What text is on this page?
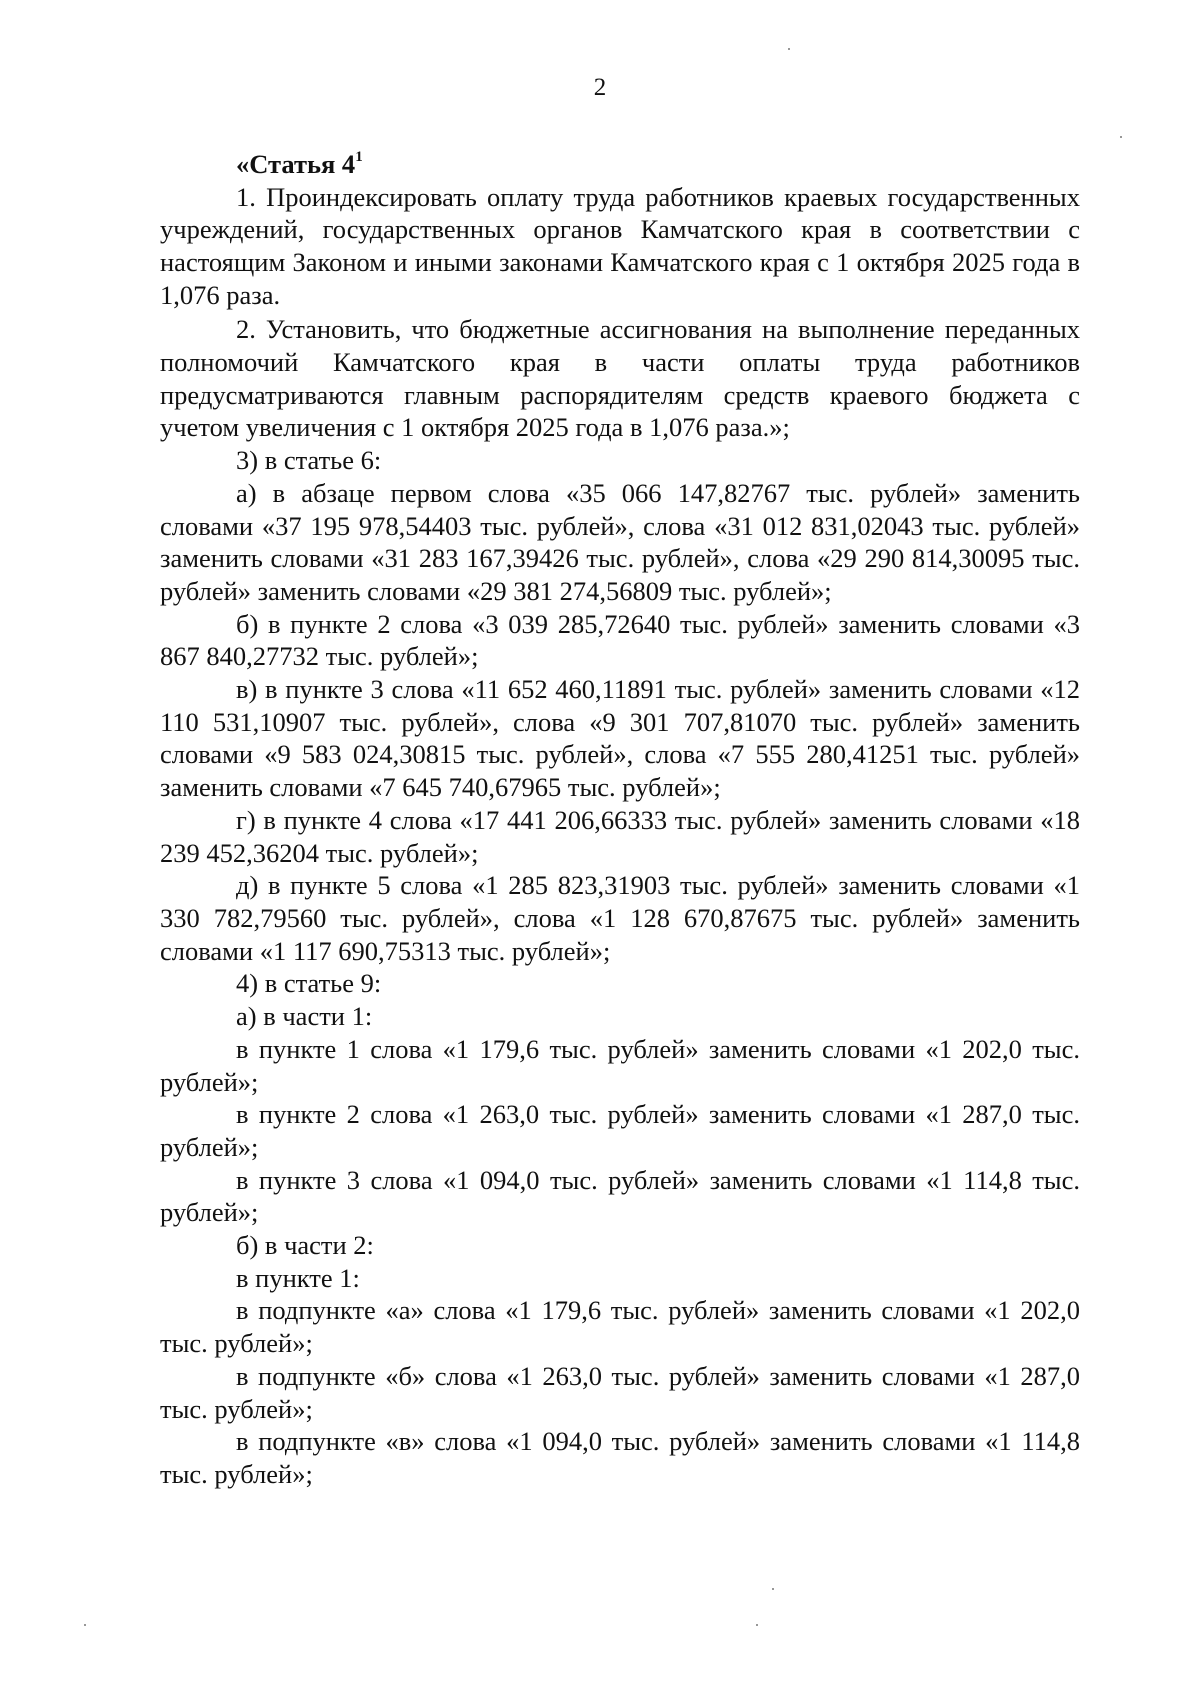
2

«Статья $4^1$

1. Проиндексировать оплату труда работников краевых государственных учреждений, государственных органов Камчатского края в соответствии с настоящим Законом и иными законами Камчатского края с 1 октября 2025 года в 1,076 раза.

2. Установить, что бюджетные ассигнования на выполнение переданных полномочий Камчатского края в части оплаты труда работников предусматриваются главным распорядителям средств краевого бюджета с учетом увеличения с 1 октября 2025 года в 1,076 раза.»;

3) в статье 6:

а) в абзаце первом слова «35 066 147,82767 тыс. рублей» заменить словами «37 195 978,54403 тыс. рублей», слова «31 012 831,02043 тыс. рублей» заменить словами «31 283 167,39426 тыс. рублей», слова «29 290 814,30095 тыс. рублей» заменить словами «29 381 274,56809 тыс. рублей»;

б) в пункте 2 слова «3 039 285,72640 тыс. рублей» заменить словами «3 867 840,27732 тыс. рублей»;

в) в пункте 3 слова «11 652 460,11891 тыс. рублей» заменить словами «12 110 531,10907 тыс. рублей», слова «9 301 707,81070 тыс. рублей» заменить словами «9 583 024,30815 тыс. рублей», слова «7 555 280,41251 тыс. рублей» заменить словами «7 645 740,67965 тыс. рублей»;

г) в пункте 4 слова «17 441 206,66333 тыс. рублей» заменить словами «18 239 452,36204 тыс. рублей»;

д) в пункте 5 слова «1 285 823,31903 тыс. рублей» заменить словами «1 330 782,79560 тыс. рублей», слова «1 128 670,87675 тыс. рублей» заменить словами «1 117 690,75313 тыс. рублей»;

4) в статье 9:

а) в части 1:

в пункте 1 слова «1 179,6 тыс. рублей» заменить словами «1 202,0 тыс. рублей»;

в пункте 2 слова «1 263,0 тыс. рублей» заменить словами «1 287,0 тыс. рублей»;

в пункте 3 слова «1 094,0 тыс. рублей» заменить словами «1 114,8 тыс. рублей»;

б) в части 2:

в пункте 1:

в подпункте «а» слова «1 179,6 тыс. рублей» заменить словами «1 202,0 тыс. рублей»;

в подпункте «б» слова «1 263,0 тыс. рублей» заменить словами «1 287,0 тыс. рублей»;

в подпункте «в» слова «1 094,0 тыс. рублей» заменить словами «1 114,8 тыс. рублей»;
